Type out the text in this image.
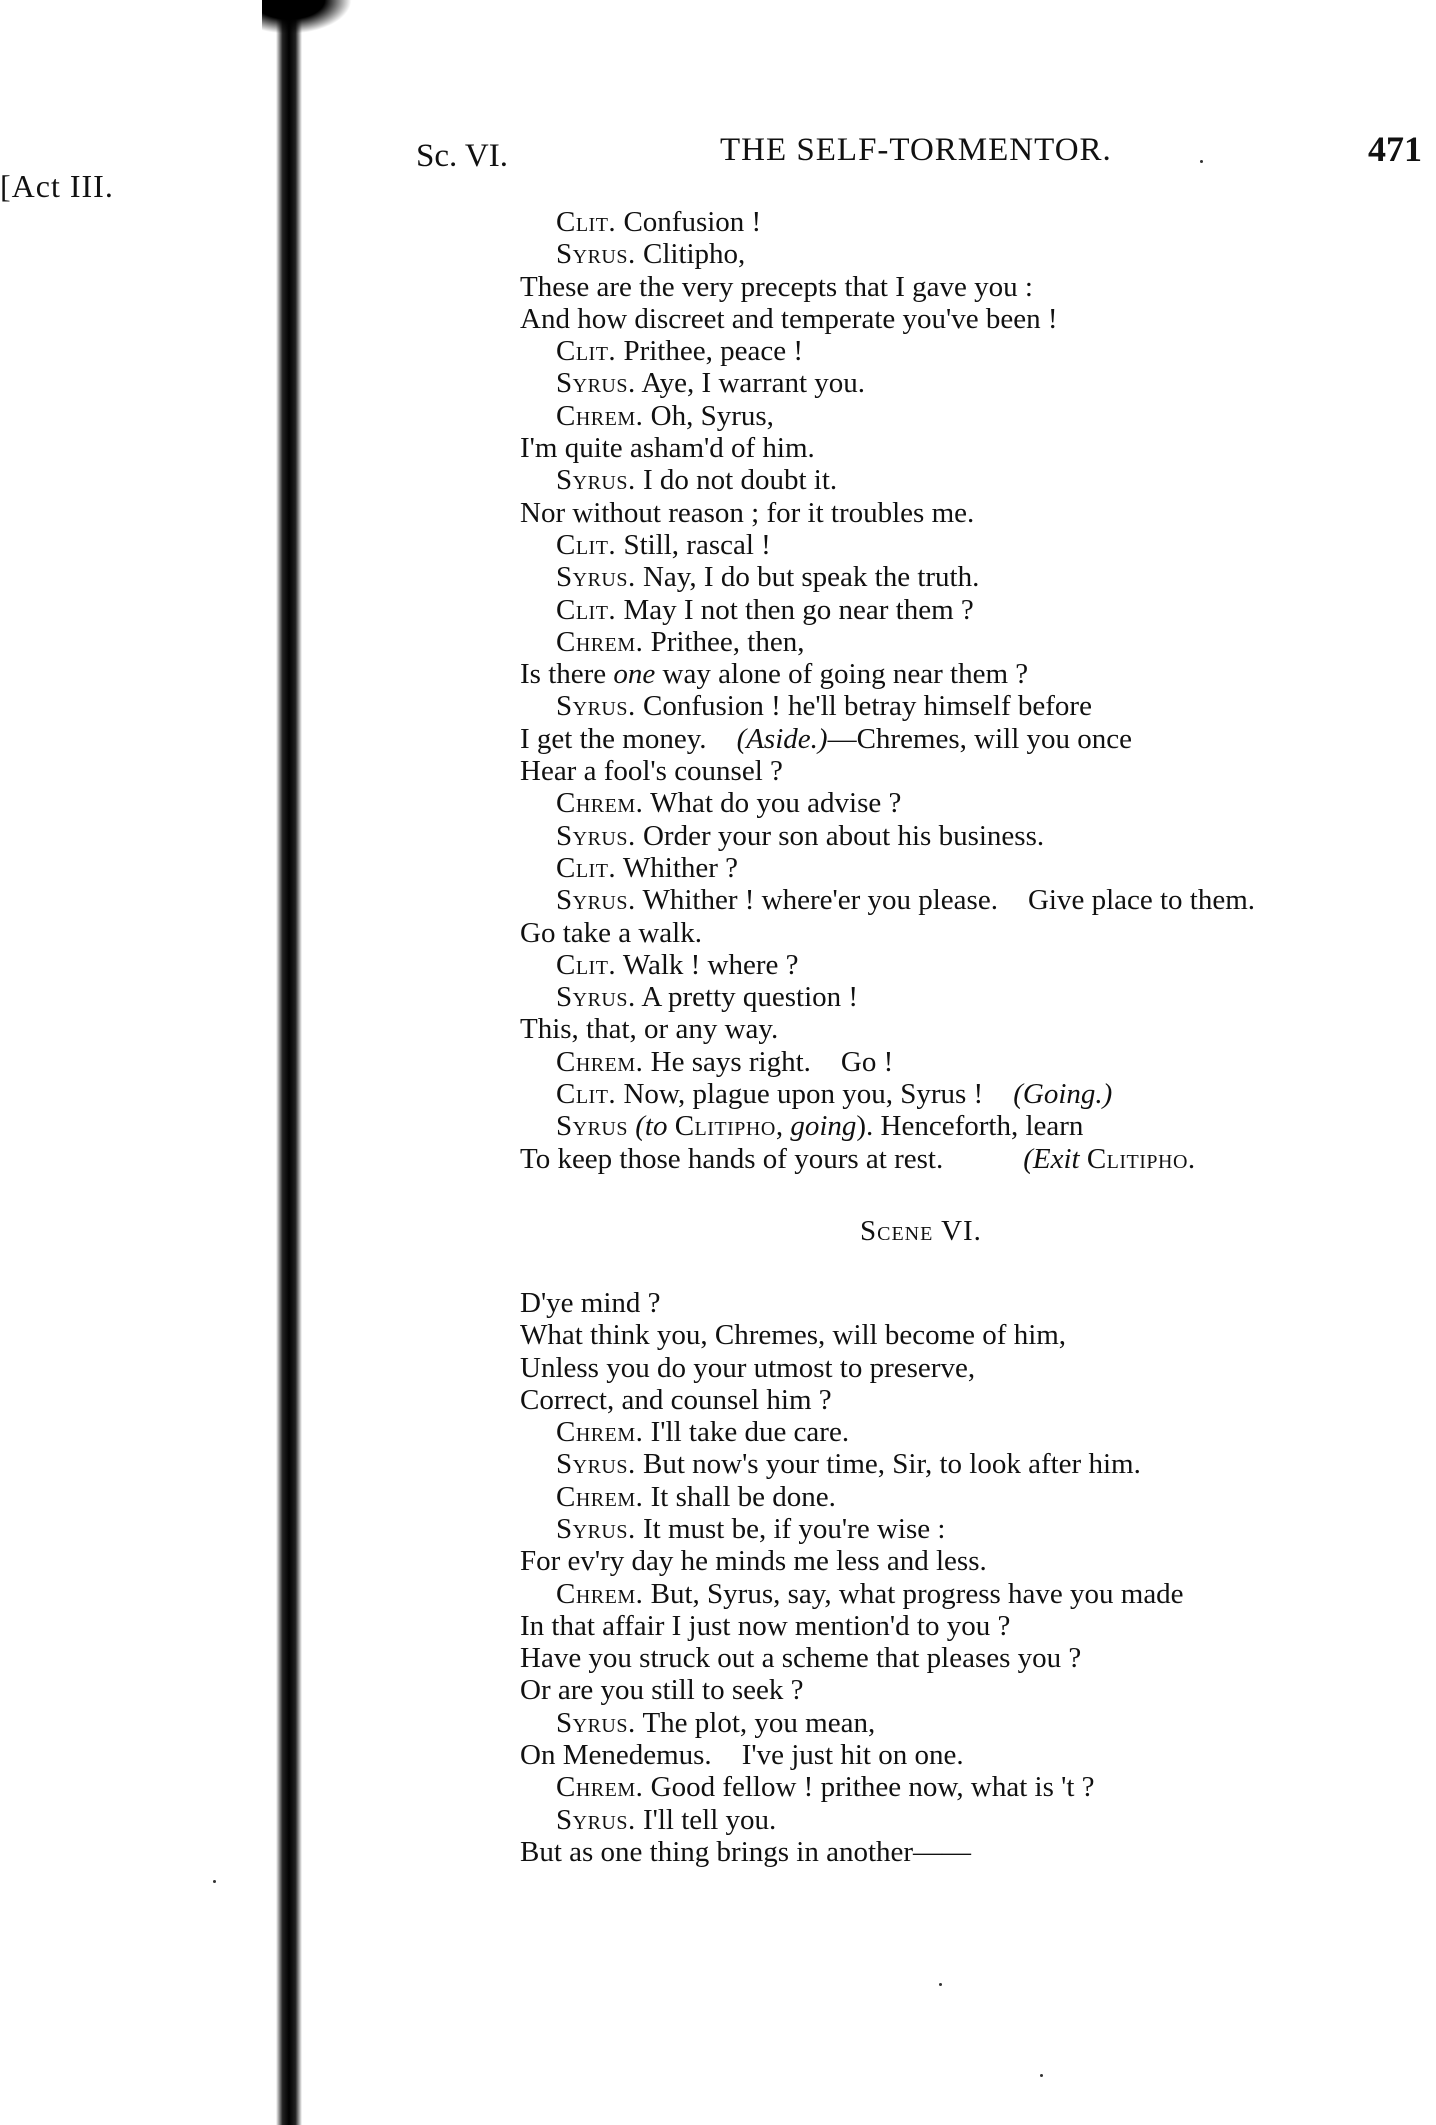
[Act III.
Sc. VI.	THE SELF-TORMENTOR.	471
Clit. Confusion !
Syrus. Clitipho,
These are the very precepts that I gave you :
And how discreet and temperate you've been !
Clit. Prithee, peace !
Syrus. Aye, I warrant you.
Chrem. Oh, Syrus,
I'm quite asham'd of him.
Syrus. I do not doubt it.
Nor without reason ; for it troubles me.
Clit. Still, rascal !
Syrus. Nay, I do but speak the truth.
Clit. May I not then go near them ?
Chrem. Prithee, then,
Is there one way alone of going near them ?
Syrus. Confusion ! he'll betray himself before
I get the money. (Aside.)—Chremes, will you once
Hear a fool's counsel ?
Chrem. What do you advise ?
Syrus. Order your son about his business.
Clit. Whither ?
Syrus. Whither ! where'er you please. Give place to them.
Go take a walk.
Clit. Walk ! where ?
Syrus. A pretty question !
This, that, or any way.
Chrem. He says right. Go !
Clit. Now, plague upon you, Syrus ! (Going.)
Syrus (to Clitipho, going). Henceforth, learn
To keep those hands of yours at rest.	(Exit Clitipho.
Scene VI.
D'ye mind ?
What think you, Chremes, will become of him,
Unless you do your utmost to preserve,
Correct, and counsel him ?
Chrem. I'll take due care.
Syrus. But now's your time, Sir, to look after him.
Chrem. It shall be done.
Syrus. It must be, if you're wise :
For ev'ry day he minds me less and less.
Chrem. But, Syrus, say, what progress have you made
In that affair I just now mention'd to you ?
Have you struck out a scheme that pleases you ?
Or are you still to seek ?
Syrus. The plot, you mean,
On Menedemus. I've just hit on one.
Chrem. Good fellow ! prithee now, what is 't ?
Syrus. I'll tell you.
But as one thing brings in another——
